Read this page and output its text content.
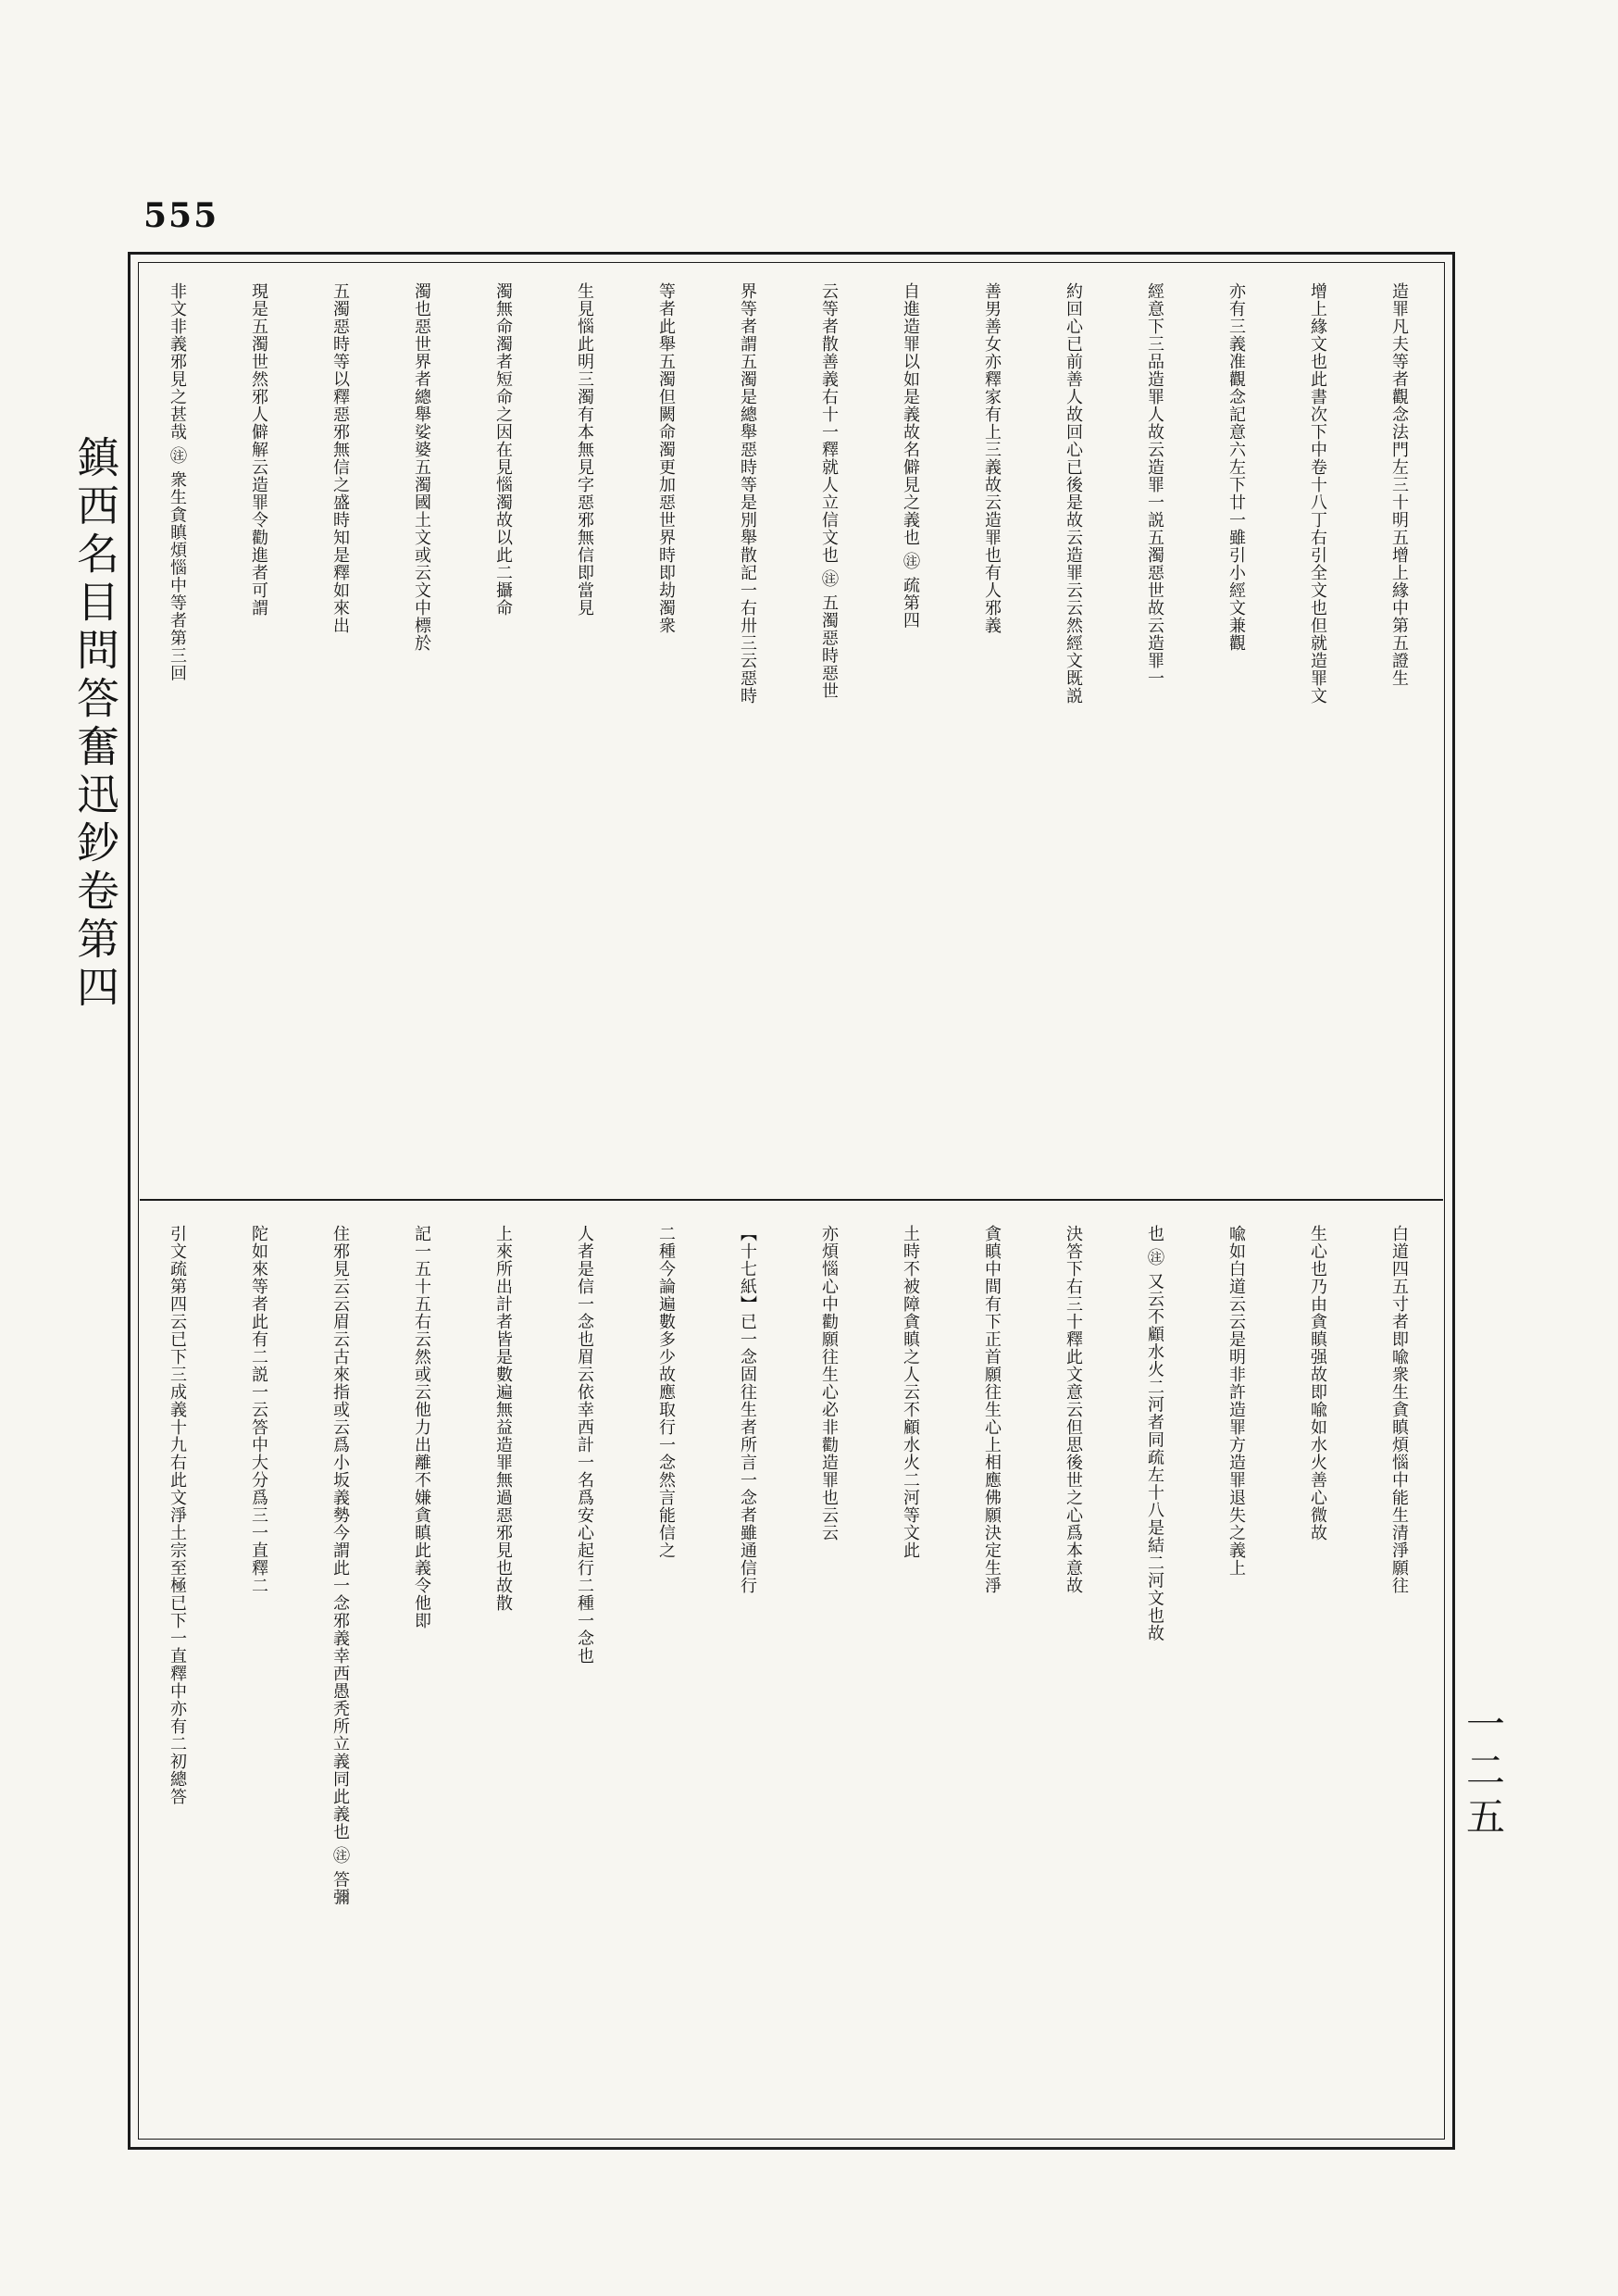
555
鎮西名目問答奮迅鈔卷第四
一二五
造罪凡夫等者觀念法門左三十明五增上緣中第五證生
增上緣文也此書次下中卷十八丁右引全文也但就造罪文
亦有三義准觀念記意六左下廿一雖引小經文兼觀
經意下三品造罪人故云造罪一説五濁惡世故云造罪一
約回心已前善人故回心已後是故云造罪云云然經文既説
善男善女亦釋家有上三義故云造罪也有人邪義
自進造罪以如是義故名僻見之義也 ㊟ 疏第四
云等者散善義右十一釋就人立信文也 ㊟ 五濁惡時惡世
界等者謂五濁是總舉惡時等是別舉散記一右卅三云惡時
等者此舉五濁但闕命濁更加惡世界時即劫濁衆
生見惱此明三濁有本無見字惡邪無信即當見
濁無命濁者短命之因在見惱濁故以此二攝命
濁也惡世界者總舉娑婆五濁國土文或云文中標於
五濁惡時等以釋惡邪無信之盛時知是釋如來出
現是五濁世然邪人僻解云造罪令勸進者可謂
非文非義邪見之甚哉 ㊟ 衆生貪瞋煩惱中等者第三回
白道四五寸者即喩衆生貪瞋煩惱中能生清淨願往
生心也乃由貪瞋强故即喩如水火善心微故
喩如白道云云是明非許造罪方造罪退失之義上
也 ㊟ 又云不顧水火二河者同疏左十八是結二河文也故
決答下右三十釋此文意云但思後世之心爲本意故
貪瞋中間有下正首願往生心上相應佛願決定生淨
土時不被障貪瞋之人云不顧水火二河等文此
亦煩惱心中勸願往生心必非勸造罪也云云
【十七紙】已一念固往生者所言一念者雖通信行
二種今論遍數多少故應取行一念然言能信之
人者是信一念也眉云依幸西計一名爲安心起行二種一念也
上來所出計者皆是數遍無益造罪無過惡邪見也故散
記一五十五右云然或云他力出離不嫌貪瞋此義令他即
住邪見云云眉云古來指或云爲小坂義勢今謂此一念邪義幸西愚秃所立義同此義也 ㊟ 答彌
陀如來等者此有二説一云答中大分爲三一直釋二
引文疏第四云已下三成義十九右此文淨土宗至極已下一直釋中亦有二初總答
